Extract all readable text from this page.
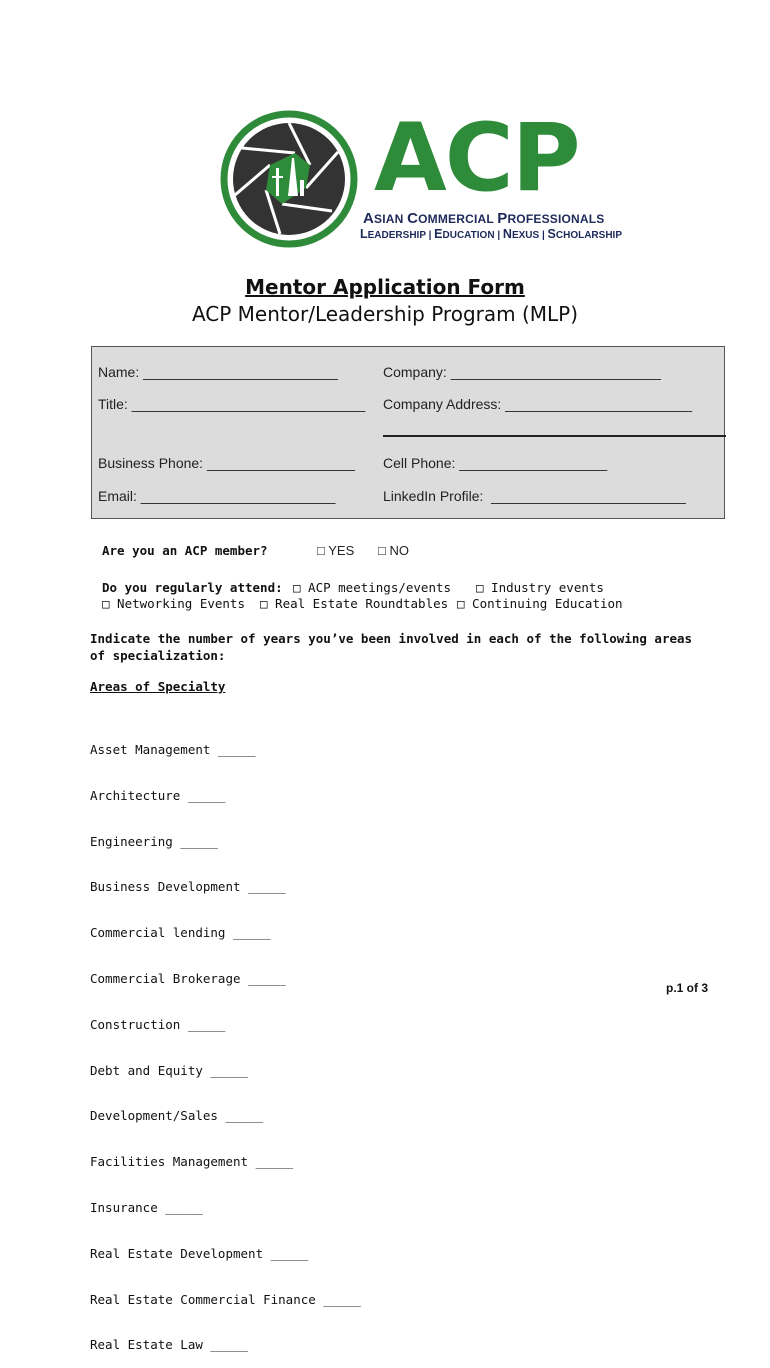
ACP
ASIAN COMMERCIAL PROFESSIONALS
LEADERSHIP | EDUCATION | NEXUS | SCHOLARSHIP
Mentor Application Form
ACP Mentor/Leadership Program (MLP)
Name: _________________________	Company: ___________________________
Title: ______________________________ Company Address: ________________________
Business Phone: ___________________ Cell Phone: ___________________
Email: _________________________	LinkedIn Profile:  _________________________
Are you an ACP member?	□ YES □ NO
Do you regularly attend: □ ACP meetings/events □ Industry events
□ Networking Events □ Real Estate Roundtables □ Continuing Education
Indicate the number of years you’ve been involved in each of the following areas
of specialization:
Areas of Specialty

Asset Management _____

Architecture _____

Engineering _____

Business Development _____

Commercial lending _____

Commercial Brokerage _____

Construction _____

Debt and Equity _____

Development/Sales _____

Facilities Management _____

Insurance _____

Real Estate Development _____

Real Estate Commercial Finance _____

Real Estate Law _____

p.1 of 3
